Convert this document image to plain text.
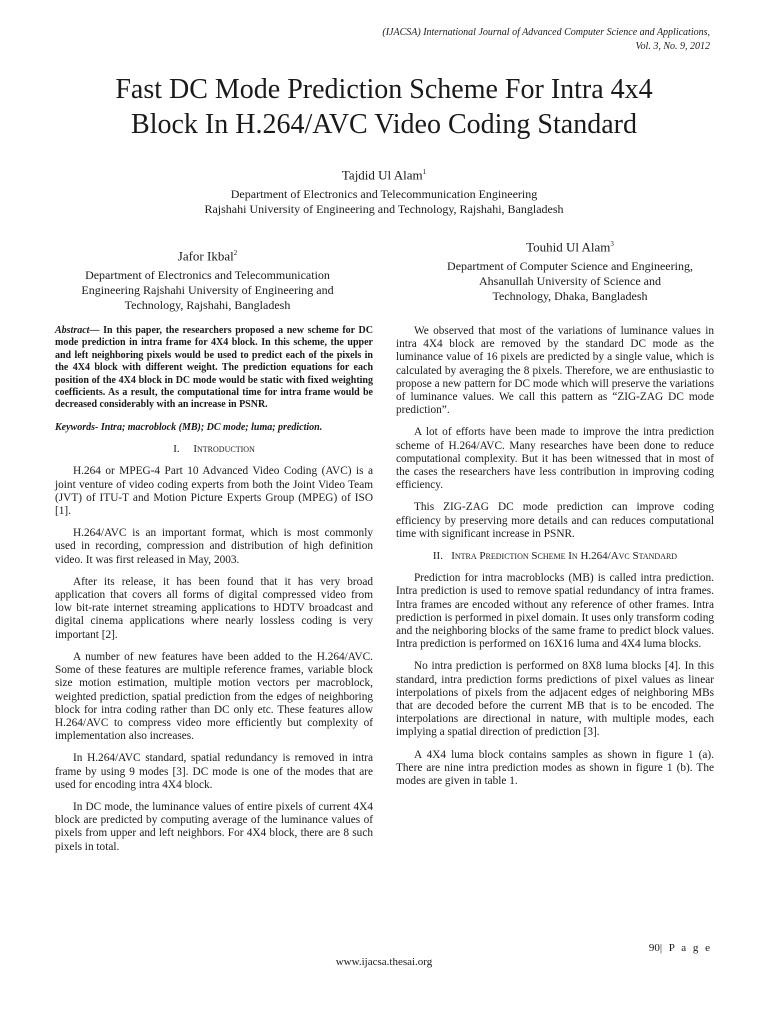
(IJACSA) International Journal of Advanced Computer Science and Applications,
Vol. 3, No. 9, 2012
Fast DC Mode Prediction Scheme For Intra 4x4
Block In H.264/AVC Video Coding Standard
Tajdid Ul Alam$^1$
Department of Electronics and Telecommunication Engineering
Rajshahi University of Engineering and Technology, Rajshahi, Bangladesh
Jafor Ikbal$^2$
Department of Electronics and Telecommunication
Engineering Rajshahi University of Engineering and
Technology, Rajshahi, Bangladesh
Touhid Ul Alam$^3$
Department of Computer Science and Engineering,
Ahsanullah University of Science and
Technology, Dhaka, Bangladesh

Abstract— In this paper, the researchers proposed a new scheme for DC mode prediction in intra frame for 4X4 block. In this scheme, the upper and left neighboring pixels would be used to predict each of the pixels in the 4X4 block with different weight. The prediction equations for each position of the 4X4 block in DC mode would be static with fixed weighting coefficients. As a result, the computational time for intra frame would be decreased considerably with an increase in PSNR.

Keywords- Intra; macroblock (MB); DC mode; luma; prediction.

I. Introduction

H.264 or MPEG-4 Part 10 Advanced Video Coding (AVC) is a joint venture of video coding experts from both the Joint Video Team (JVT) of ITU-T and Motion Picture Experts Group (MPEG) of ISO [1].

H.264/AVC is an important format, which is most commonly used in recording, compression and distribution of high definition video. It was first released in May, 2003.

After its release, it has been found that it has very broad application that covers all forms of digital compressed video from low bit-rate internet streaming applications to HDTV broadcast and digital cinema applications where nearly lossless coding is very important [2].

A number of new features have been added to the H.264/AVC. Some of these features are multiple reference frames, variable block size motion estimation, multiple motion vectors per macroblock, weighted prediction, spatial prediction from the edges of neighboring block for intra coding rather than DC only etc. These features allow H.264/AVC to compress video more efficiently but complexity of implementation also increases.

In H.264/AVC standard, spatial redundancy is removed in intra frame by using 9 modes [3]. DC mode is one of the modes that are used for encoding intra 4X4 block.

In DC mode, the luminance values of entire pixels of current 4X4 block are predicted by computing average of the luminance values of pixels from upper and left neighbors. For 4X4 block, there are 8 such pixels in total.

We observed that most of the variations of luminance values in intra 4X4 block are removed by the standard DC mode as the luminance value of 16 pixels are predicted by a single value, which is calculated by averaging the 8 pixels. Therefore, we are enthusiastic to propose a new pattern for DC mode which will preserve the variations of luminance values. We call this pattern as “ZIG-ZAG DC mode prediction”.

A lot of efforts have been made to improve the intra prediction scheme of H.264/AVC. Many researches have been done to reduce computational complexity. But it has been witnessed that in most of the cases the researchers have less contribution in improving coding efficiency.

This ZIG-ZAG DC mode prediction can improve coding efficiency by preserving more details and can reduces computational time with significant increase in PSNR.

II. Intra Prediction Scheme In H.264/Avc Standard

Prediction for intra macroblocks (MB) is called intra prediction. Intra prediction is used to remove spatial redundancy of intra frames. Intra frames are encoded without any reference of other frames. Intra prediction is performed in pixel domain. It uses only transform coding and the neighboring blocks of the same frame to predict block values. Intra prediction is performed on 16X16 luma and 4X4 luma blocks.

No intra prediction is performed on 8X8 luma blocks [4]. In this standard, intra prediction forms predictions of pixel values as linear interpolations of pixels from the adjacent edges of neighboring MBs that are decoded before the current MB that is to be encoded. The interpolations are directional in nature, with multiple modes, each implying a spatial direction of prediction [3].

A 4X4 luma block contains samples as shown in figure 1 (a). There are nine intra prediction modes as shown in figure 1 (b). The modes are given in table 1.

90| P a g e
www.ijacsa.thesai.org
